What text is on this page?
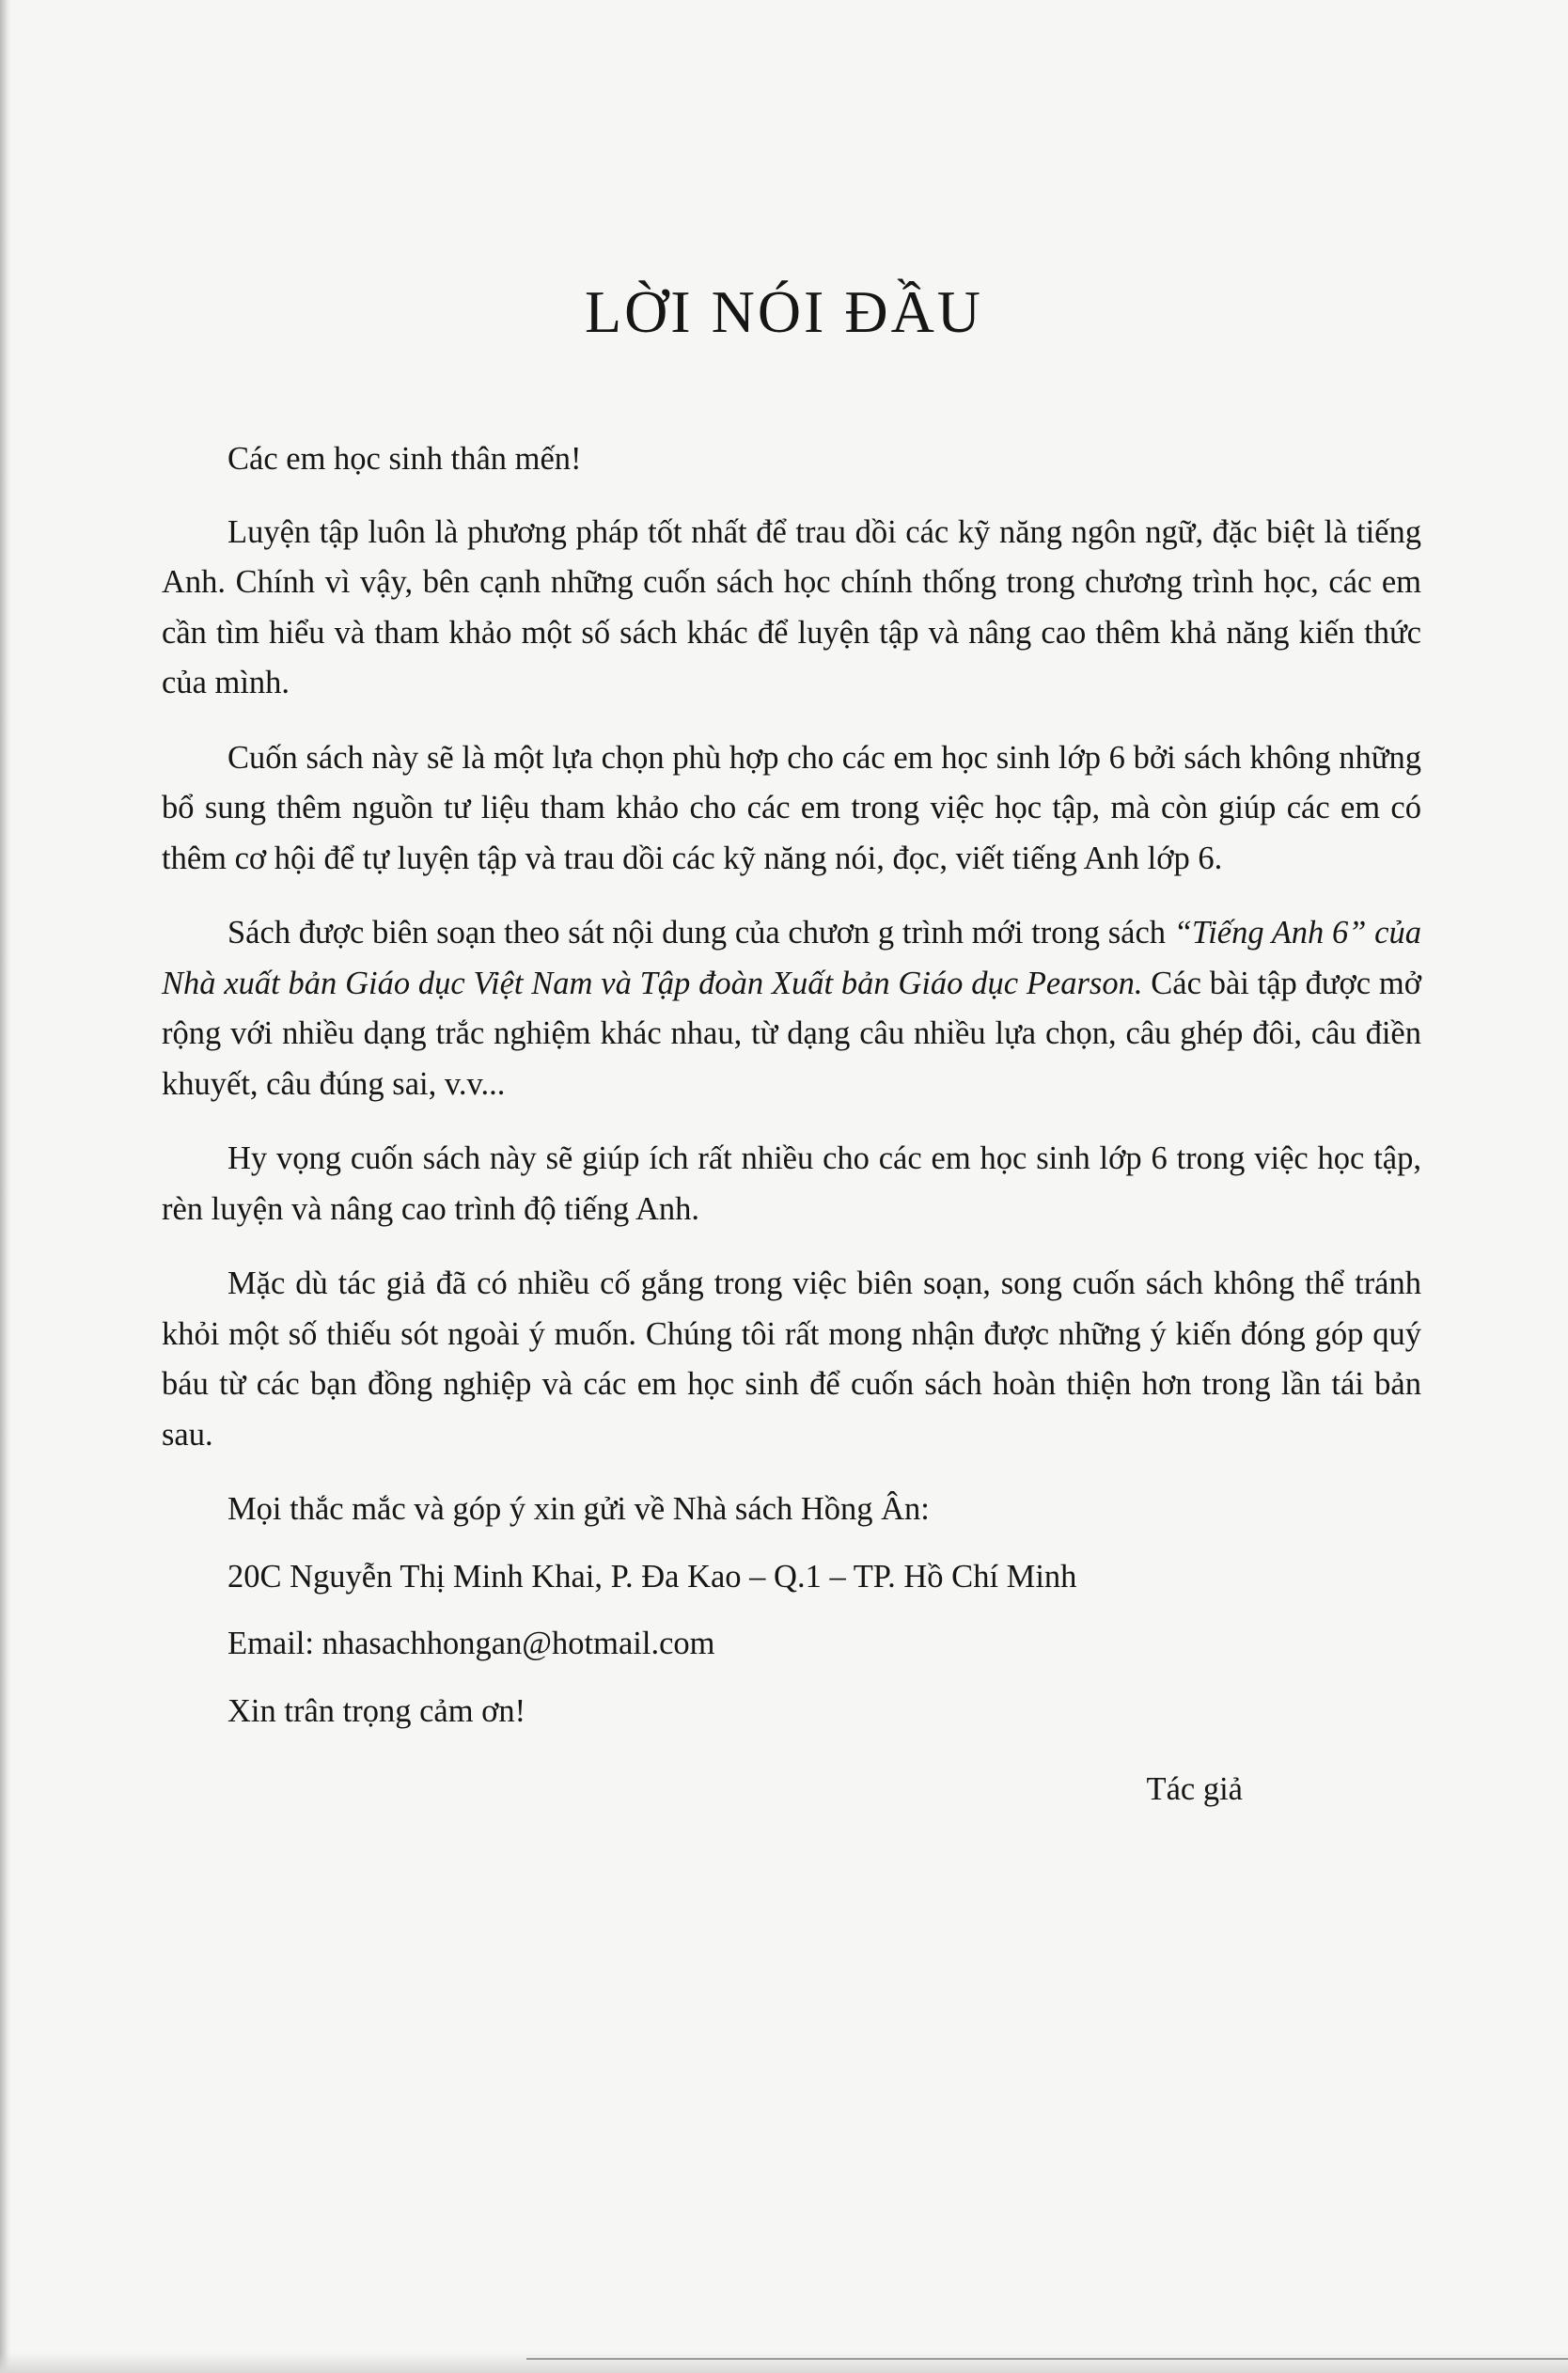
LỜI NÓI ĐẦU

Các em học sinh thân mến!

Luyện tập luôn là phương pháp tốt nhất để trau dồi các kỹ năng ngôn ngữ, đặc biệt là tiếng Anh. Chính vì vậy, bên cạnh những cuốn sách học chính thống trong chương trình học, các em cần tìm hiểu và tham khảo một số sách khác để luyện tập và nâng cao thêm khả năng kiến thức của mình.

Cuốn sách này sẽ là một lựa chọn phù hợp cho các em học sinh lớp 6 bởi sách không những bổ sung thêm nguồn tư liệu tham khảo cho các em trong việc học tập, mà còn giúp các em có thêm cơ hội để tự luyện tập và trau dồi các kỹ năng nói, đọc, viết tiếng Anh lớp 6.

Sách được biên soạn theo sát nội dung của chươn g trình mới trong sách “Tiếng Anh 6” của Nhà xuất bản Giáo dục Việt Nam và Tập đoàn Xuất bản Giáo dục Pearson. Các bài tập được mở rộng với nhiều dạng trắc nghiệm khác nhau, từ dạng câu nhiều lựa chọn, câu ghép đôi, câu điền khuyết, câu đúng sai, v.v...

Hy vọng cuốn sách này sẽ giúp ích rất nhiều cho các em học sinh lớp 6 trong việc học tập, rèn luyện và nâng cao trình độ tiếng Anh.

Mặc dù tác giả đã có nhiều cố gắng trong việc biên soạn, song cuốn sách không thể tránh khỏi một số thiếu sót ngoài ý muốn. Chúng tôi rất mong nhận được những ý kiến đóng góp quý báu từ các bạn đồng nghiệp và các em học sinh để cuốn sách hoàn thiện hơn trong lần tái bản sau.

Mọi thắc mắc và góp ý xin gửi về Nhà sách Hồng Ân:

20C Nguyễn Thị Minh Khai, P. Đa Kao – Q.1 – TP. Hồ Chí Minh

Email: nhasachhongan@hotmail.com

Xin trân trọng cảm ơn!

Tác giả
